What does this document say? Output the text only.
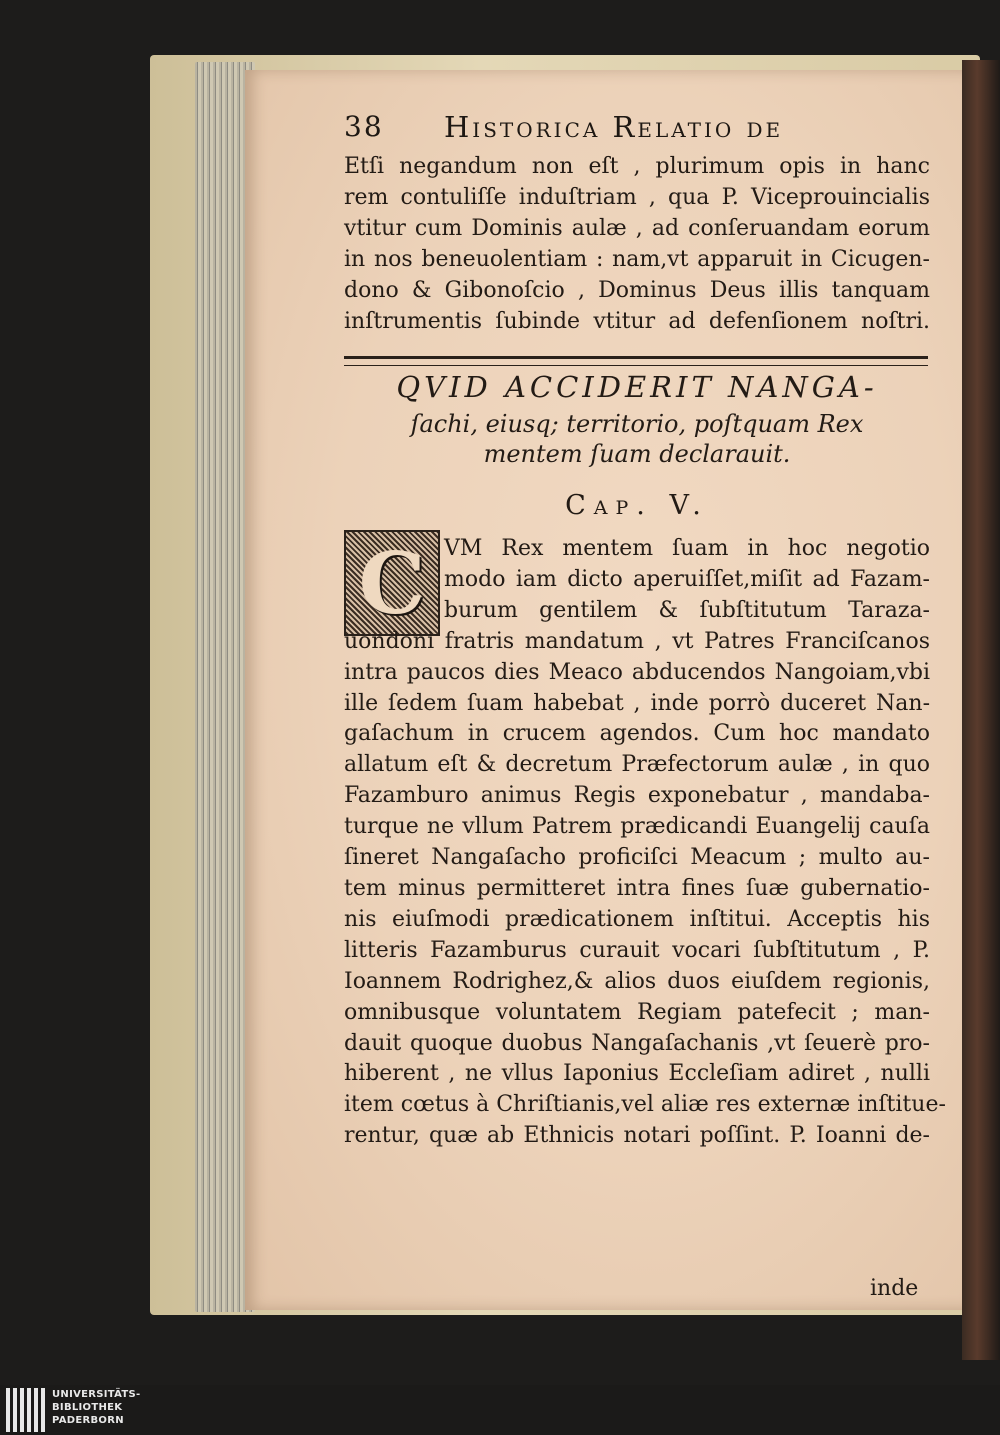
38 Historica Relatio de
Etſi negandum non eſt , plurimum opis in hanc
rem contuliſſe induſtriam , qua P. Viceprouincialis
vtitur cum Dominis aulæ , ad conſeruandam eorum
in nos beneuolentiam : nam,vt apparuit in Cicugen-
dono & Gibonoſcio , Dominus Deus illis tanquam
inſtrumentis ſubinde vtitur ad defenſionem noſtri.
QVID ACCIDERIT NANGA-
ſachi, eiusq; territorio, poſtquam Rex
mentem ſuam declarauit.
Cap. V.
C VM Rex mentem ſuam in hoc negotio
modo iam dicto aperuiſſet,miſit ad Fazam-
burum gentilem & ſubſtitutum Taraza-
uondoni fratris mandatum , vt Patres Franciſcanos
intra paucos dies Meaco abducendos Nangoiam,vbi
ille ſedem ſuam habebat , inde porrò duceret Nan-
gaſachum in crucem agendos. Cum hoc mandato
allatum eſt & decretum Præfectorum aulæ , in quo
Fazamburo animus Regis exponebatur , mandaba-
turque ne vllum Patrem prædicandi Euangelij cauſa
ſineret Nangaſacho proficiſci Meacum ; multo au-
tem minus permitteret intra fines ſuæ gubernatio-
nis eiuſmodi prædicationem inſtitui. Acceptis his
litteris Fazamburus curauit vocari ſubſtitutum , P.
Ioannem Rodrighez,& alios duos eiuſdem regionis,
omnibusque voluntatem Regiam patefecit ; man-
dauit quoque duobus Nangaſachanis ,vt ſeuerè pro-
hiberent , ne vllus Iaponius Eccleſiam adiret , nulli
item cœtus à Chriſtianis,vel aliæ res externæ inſtitue-
rentur, quæ ab Ethnicis notari poſſint. P. Ioanni de-
inde
UNIVERSITÄTS-
BIBLIOTHEK
PADERBORN
